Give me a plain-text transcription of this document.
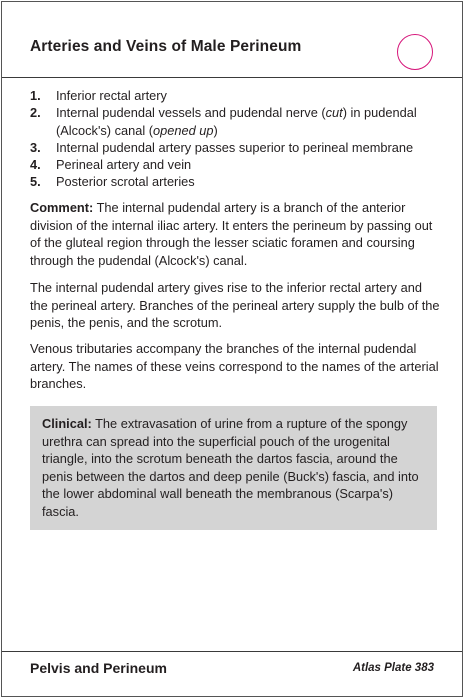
Arteries and Veins of Male Perineum
1.	Inferior rectal artery
2.	Internal pudendal vessels and pudendal nerve (cut) in pudendal (Alcock's) canal (opened up)
3.	Internal pudendal artery passes superior to perineal membrane
4.	Perineal artery and vein
5.	Posterior scrotal arteries

Comment: The internal pudendal artery is a branch of the anterior division of the internal iliac artery. It enters the perineum by passing out of the gluteal region through the lesser sciatic foramen and coursing through the pudendal (Alcock's) canal.

The internal pudendal artery gives rise to the inferior rectal artery and the perineal artery. Branches of the perineal artery supply the bulb of the penis, the penis, and the scrotum.

Venous tributaries accompany the branches of the internal pudendal artery. The names of these veins correspond to the names of the arterial branches.

Clinical: The extravasation of urine from a rupture of the spongy urethra can spread into the superficial pouch of the urogenital triangle, into the scrotum beneath the dartos fascia, around the penis between the dartos and deep penile (Buck's) fascia, and into the lower abdominal wall beneath the membranous (Scarpa's) fascia.

Pelvis and Perineum	Atlas Plate 383
